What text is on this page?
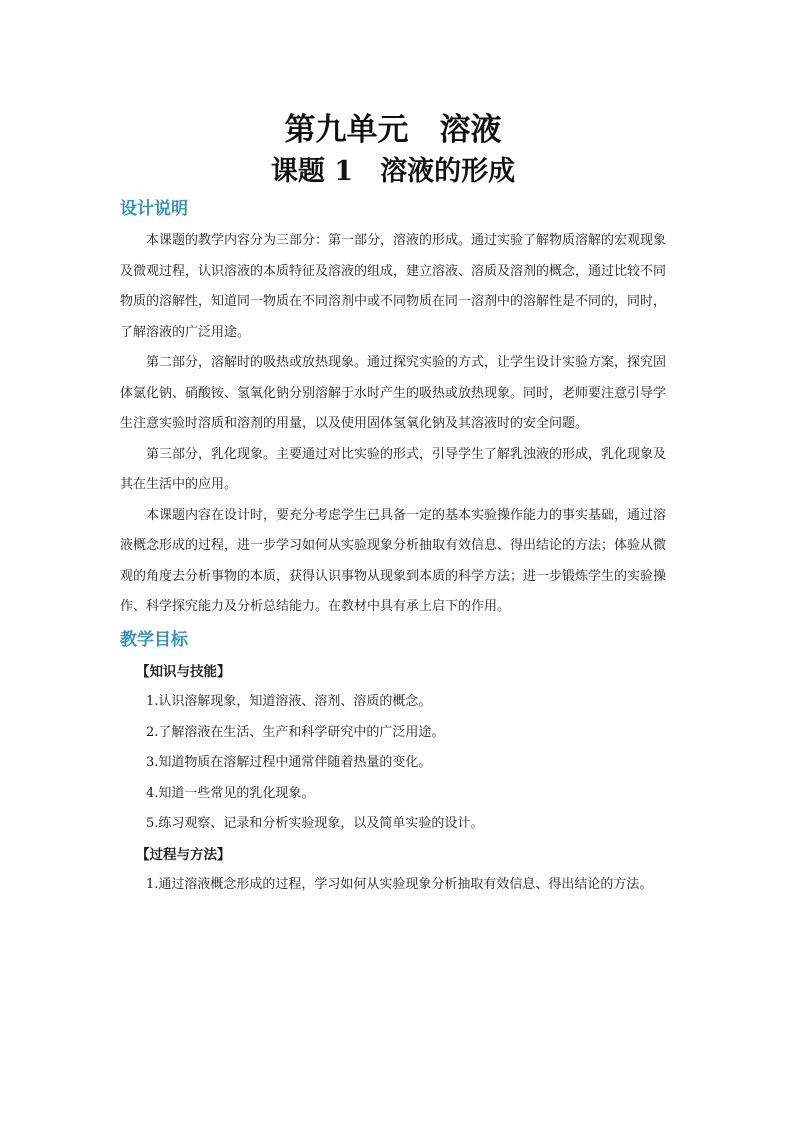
第九单元　溶液
课题 1　溶液的形成
设计说明

本课题的教学内容分为三部分：第一部分，溶液的形成。通过实验了解物质溶解的宏观现象及微观过程，认识溶液的本质特征及溶液的组成，建立溶液、溶质及溶剂的概念，通过比较不同物质的溶解性，知道同一物质在不同溶剂中或不同物质在同一溶剂中的溶解性是不同的，同时，了解溶液的广泛用途。

第二部分，溶解时的吸热或放热现象。通过探究实验的方式，让学生设计实验方案，探究固体氯化钠、硝酸铵、氢氧化钠分别溶解于水时产生的吸热或放热现象。同时，老师要注意引导学生注意实验时溶质和溶剂的用量，以及使用固体氢氧化钠及其溶液时的安全问题。

第三部分，乳化现象。主要通过对比实验的形式，引导学生了解乳浊液的形成，乳化现象及其在生活中的应用。

本课题内容在设计时，要充分考虑学生已具备一定的基本实验操作能力的事实基础，通过溶液概念形成的过程，进一步学习如何从实验现象分析抽取有效信息、得出结论的方法；体验从微观的角度去分析事物的本质，获得认识事物从现象到本质的科学方法；进一步锻炼学生的实验操作、科学探究能力及分析总结能力。在教材中具有承上启下的作用。

教学目标

【知识与技能】

1.认识溶解现象，知道溶液、溶剂、溶质的概念。

2.了解溶液在生活、生产和科学研究中的广泛用途。

3.知道物质在溶解过程中通常伴随着热量的变化。

4.知道一些常见的乳化现象。

5.练习观察、记录和分析实验现象，以及简单实验的设计。

【过程与方法】

1.通过溶液概念形成的过程，学习如何从实验现象分析抽取有效信息、得出结论的方法。
